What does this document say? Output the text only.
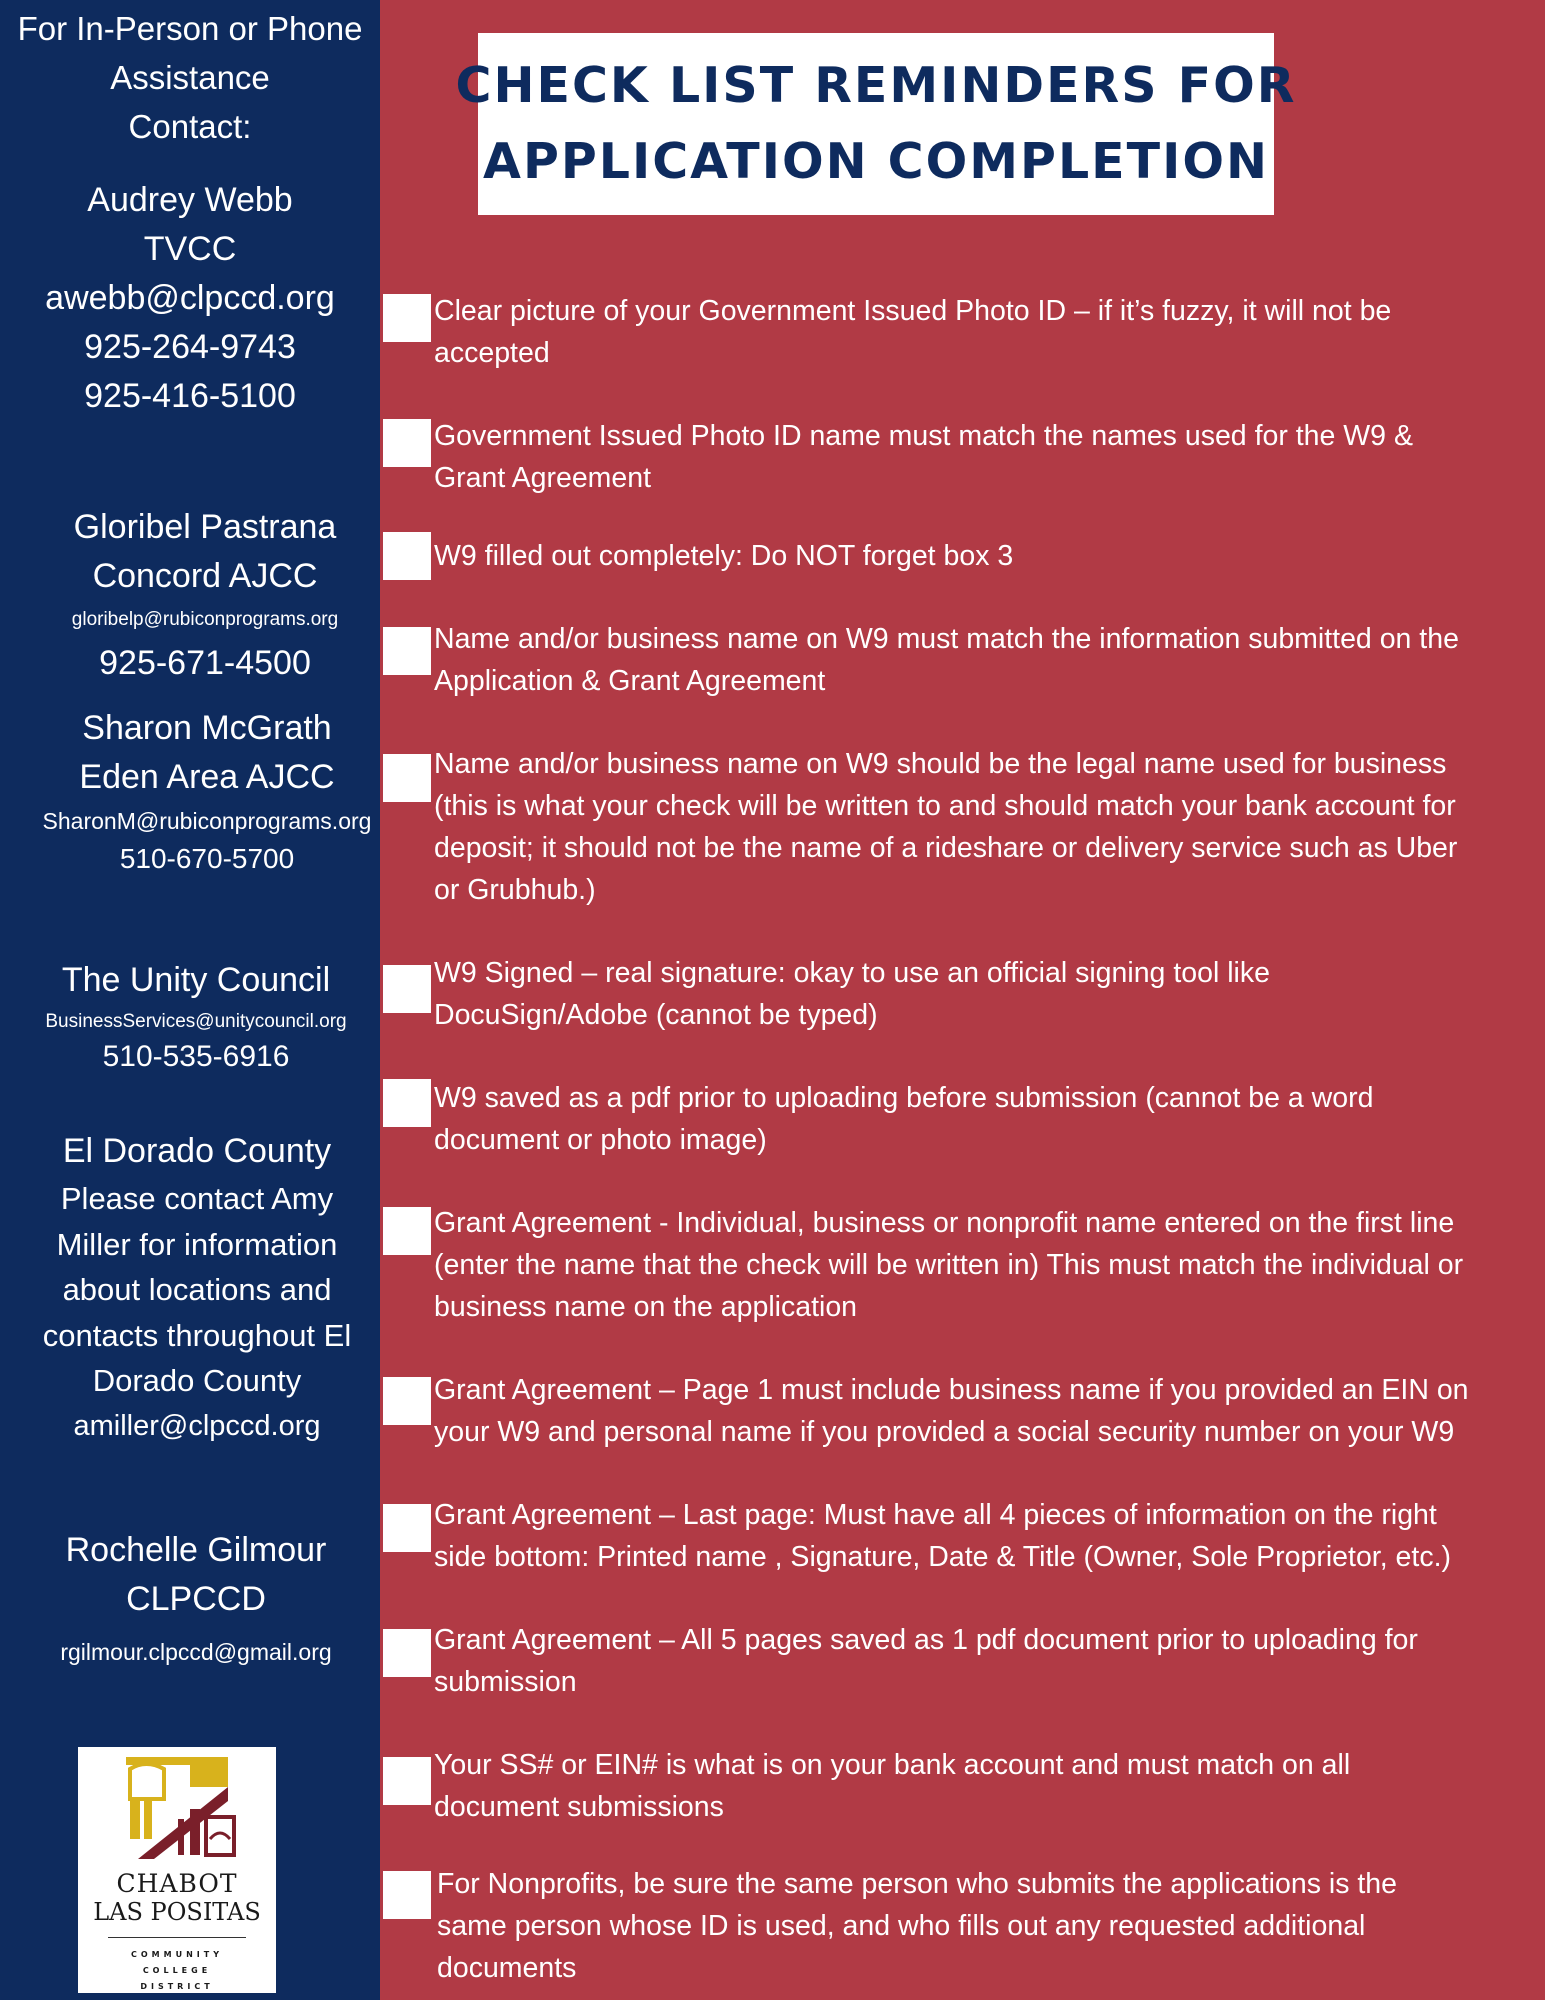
For In-Person or Phone
Assistance
Contact:
Audrey Webb
TVCC
awebb@clpccd.org
925-264-9743
925-416-5100
Gloribel Pastrana
Concord AJCC
gloribelp@rubiconprograms.org
925-671-4500
Sharon McGrath
Eden Area AJCC
SharonM@rubiconprograms.org
510-670-5700
The Unity Council
BusinessServices@unitycouncil.org
510-535-6916
El Dorado County
Please contact Amy
Miller for information
about locations and
contacts throughout El
Dorado County
amiller@clpccd.org
Rochelle Gilmour
CLPCCD
rgilmour.clpccd@gmail.org
CHABOT
LAS POSITAS
COMMUNITY
COLLEGE
DISTRICT
CHECK LIST REMINDERS FOR
APPLICATION COMPLETION
Clear picture of your Government Issued Photo ID – if it’s fuzzy, it will not be
accepted
Government Issued Photo ID name must match the names used for the W9 &
Grant Agreement
W9 filled out completely: Do NOT forget box 3
Name and/or business name on W9 must match the information submitted on the
Application & Grant Agreement
Name and/or business name on W9 should be the legal name used for business
(this is what your check will be written to and should match your bank account for
deposit; it should not be the name of a rideshare or delivery service such as Uber
or Grubhub.)
W9 Signed – real signature: okay to use an official signing tool like
DocuSign/Adobe (cannot be typed)
W9 saved as a pdf prior to uploading before submission (cannot be a word
document or photo image)
Grant Agreement - Individual, business or nonprofit name entered on the first line
(enter the name that the check will be written in) This must match the individual or
business name on the application
Grant Agreement – Page 1 must include business name if you provided an EIN on
your W9 and personal name if you provided a social security number on your W9
Grant Agreement – Last page: Must have all 4 pieces of information on the right
side bottom: Printed name , Signature, Date & Title (Owner, Sole Proprietor, etc.)
Grant Agreement – All 5 pages saved as 1 pdf document prior to uploading for
submission
Your SS# or EIN# is what is on your bank account and must match on all
document submissions
For Nonprofits, be sure the same person who submits the applications is the
same person whose ID is used, and who fills out any requested additional
documents
